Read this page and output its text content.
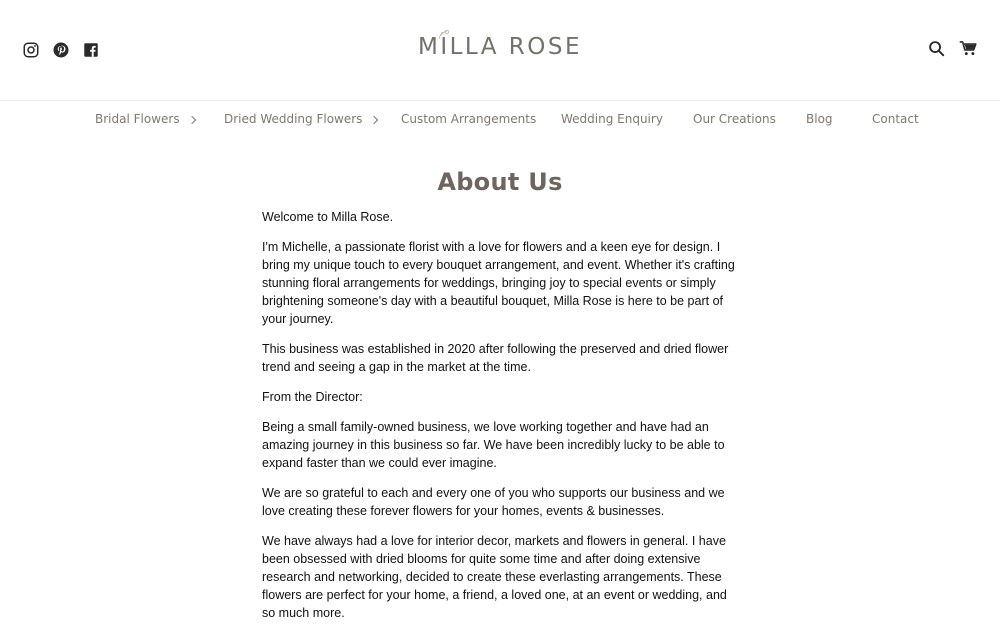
MILLA ROSE
Bridal Flowers	Dried Wedding Flowers	Custom Arrangements Wedding Enquiry	Our Creations	Blog	Contact
About Us

Welcome to Milla Rose.

I'm Michelle, a passionate florist with a love for flowers and a keen eye for design. I bring my unique touch to every bouquet arrangement, and event. Whether it's crafting stunning floral arrangements for weddings, bringing joy to special events or simply brightening someone's day with a beautiful bouquet, Milla Rose is here to be part of your journey.

This business was established in 2020 after following the preserved and dried flower trend and seeing a gap in the market at the time.

From the Director:

Being a small family-owned business, we love working together and have had an amazing journey in this business so far. We have been incredibly lucky to be able to expand faster than we could ever imagine.

We are so grateful to each and every one of you who supports our business and we love creating these forever flowers for your homes, events & businesses.

We have always had a love for interior decor, markets and flowers in general. I have been obsessed with dried blooms for quite some time and after doing extensive research and networking, decided to create these everlasting arrangements. These flowers are perfect for your home, a friend, a loved one, at an event or wedding, and so much more.
